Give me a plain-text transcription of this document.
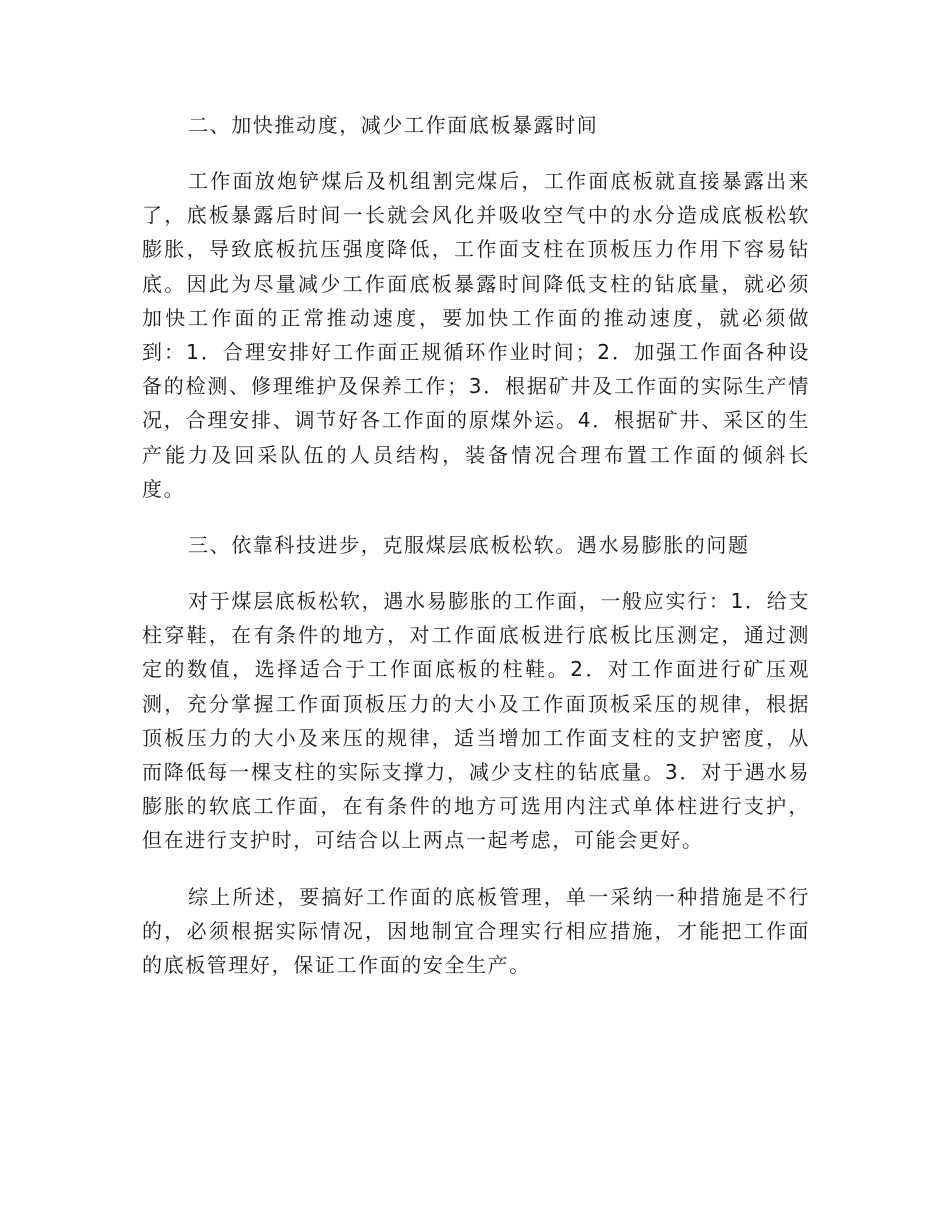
二、加快推动度，减少工作面底板暴露时间

工作面放炮铲煤后及机组割完煤后，工作面底板就直接暴露出来了，底板暴露后时间一长就会风化并吸收空气中的水分造成底板松软膨胀，导致底板抗压强度降低，工作面支柱在顶板压力作用下容易钻底。因此为尽量减少工作面底板暴露时间降低支柱的钻底量，就必须加快工作面的正常推动速度，要加快工作面的推动速度，就必须做到：1．合理安排好工作面正规循环作业时间；2．加强工作面各种设备的检测、修理维护及保养工作；3．根据矿井及工作面的实际生产情况，合理安排、调节好各工作面的原煤外运。4．根据矿井、采区的生产能力及回采队伍的人员结构，装备情况合理布置工作面的倾斜长度。

三、依靠科技进步，克服煤层底板松软。遇水易膨胀的问题

对于煤层底板松软，遇水易膨胀的工作面，一般应实行：1．给支柱穿鞋，在有条件的地方，对工作面底板进行底板比压测定，通过测定的数值，选择适合于工作面底板的柱鞋。2．对工作面进行矿压观测，充分掌握工作面顶板压力的大小及工作面顶板采压的规律，根据顶板压力的大小及来压的规律，适当增加工作面支柱的支护密度，从而降低每一棵支柱的实际支撑力，减少支柱的钻底量。3．对于遇水易膨胀的软底工作面，在有条件的地方可选用内注式单体柱进行支护，但在进行支护时，可结合以上两点一起考虑，可能会更好。

综上所述，要搞好工作面的底板管理，单一采纳一种措施是不行的，必须根据实际情况，因地制宜合理实行相应措施，才能把工作面的底板管理好，保证工作面的安全生产。
